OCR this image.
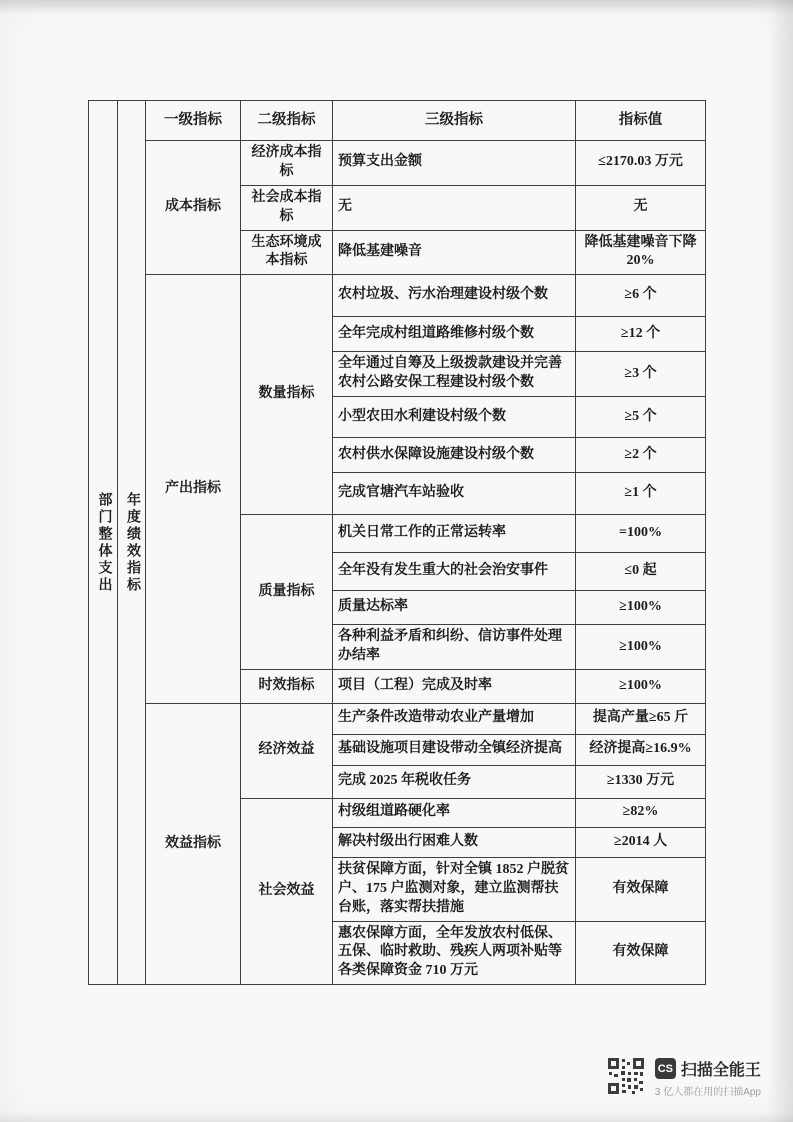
部门整体支出	年度绩效指标	一级指标	二级指标	三级指标	指标值
		成本指标	经济成本指标	预算支出金额	≤2170.03 万元
			社会成本指标	无	无
			生态环境成本指标	降低基建噪音	降低基建噪音下降 20%
		产出指标	数量指标	农村垃圾、污水治理建设村级个数	≥6 个
				全年完成村组道路维修村级个数	≥12 个
				全年通过自筹及上级拨款建设并完善农村公路安保工程建设村级个数	≥3 个
				小型农田水利建设村级个数	≥5 个
				农村供水保障设施建设村级个数	≥2 个
				完成官塘汽车站验收	≥1 个
			质量指标	机关日常工作的正常运转率	=100%
				全年没有发生重大的社会治安事件	≤0 起
				质量达标率	≥100%
				各种利益矛盾和纠纷、信访事件处理办结率	≥100%
			时效指标	项目（工程）完成及时率	≥100%
		效益指标	经济效益	生产条件改造带动农业产量增加	提高产量≥65 斤
				基础设施项目建设带动全镇经济提高	经济提高≥16.9%
				完成 2025 年税收任务	≥1330 万元
			社会效益	村级组道路硬化率	≥82%
				解决村级出行困难人数	≥2014 人
				扶贫保障方面，针对全镇 1852 户脱贫户、175 户监测对象，建立监测帮扶台账，落实帮扶措施	有效保障
				惠农保障方面，全年发放农村低保、五保、临时救助、残疾人两项补贴等各类保障资金 710 万元	有效保障
CS 扫描全能王
3 亿人都在用的扫描App
